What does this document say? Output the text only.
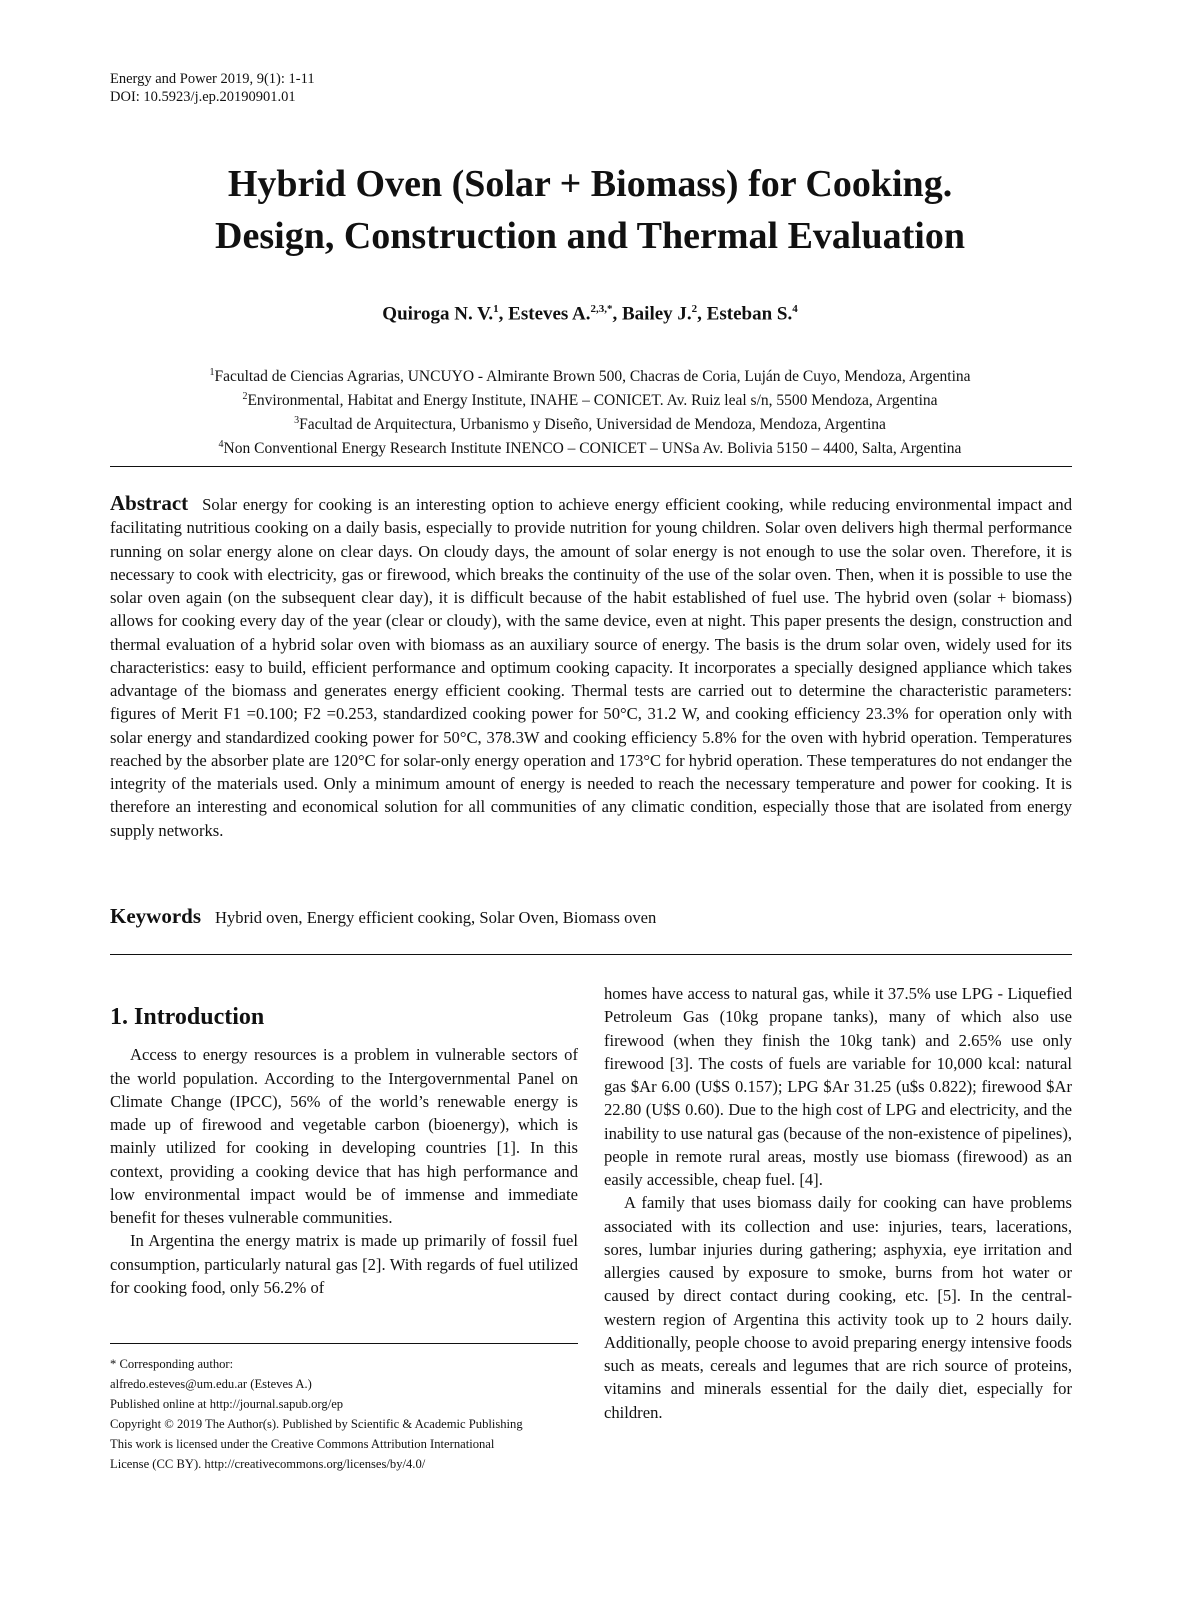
Energy and Power 2019, 9(1): 1-11
DOI: 10.5923/j.ep.20190901.01
Hybrid Oven (Solar + Biomass) for Cooking.
Design, Construction and Thermal Evaluation
Quiroga N. V.$^1$, Esteves A.$^{2,3,*}$, Bailey J.$^2$, Esteban S.$^4$
$^1$Facultad de Ciencias Agrarias, UNCUYO - Almirante Brown 500, Chacras de Coria, Luján de Cuyo, Mendoza, Argentina
$^2$Environmental, Habitat and Energy Institute, INAHE – CONICET. Av. Ruiz leal s/n, 5500 Mendoza, Argentina
$^3$Facultad de Arquitectura, Urbanismo y Diseño, Universidad de Mendoza, Mendoza, Argentina
$^4$Non Conventional Energy Research Institute INENCO – CONICET – UNSa Av. Bolivia 5150 – 4400, Salta, Argentina
Abstract Solar energy for cooking is an interesting option to achieve energy efficient cooking, while reducing environmental impact and facilitating nutritious cooking on a daily basis, especially to provide nutrition for young children. Solar oven delivers high thermal performance running on solar energy alone on clear days. On cloudy days, the amount of solar energy is not enough to use the solar oven. Therefore, it is necessary to cook with electricity, gas or firewood, which breaks the continuity of the use of the solar oven. Then, when it is possible to use the solar oven again (on the subsequent clear day), it is difficult because of the habit established of fuel use. The hybrid oven (solar + biomass) allows for cooking every day of the year (clear or cloudy), with the same device, even at night. This paper presents the design, construction and thermal evaluation of a hybrid solar oven with biomass as an auxiliary source of energy. The basis is the drum solar oven, widely used for its characteristics: easy to build, efficient performance and optimum cooking capacity. It incorporates a specially designed appliance which takes advantage of the biomass and generates energy efficient cooking. Thermal tests are carried out to determine the characteristic parameters: figures of Merit F1 =0.100; F2 =0.253, standardized cooking power for 50°C, 31.2 W, and cooking efficiency 23.3% for operation only with solar energy and standardized cooking power for 50°C, 378.3W and cooking efficiency 5.8% for the oven with hybrid operation. Temperatures reached by the absorber plate are 120°C for solar-only energy operation and 173°C for hybrid operation. These temperatures do not endanger the integrity of the materials used. Only a minimum amount of energy is needed to reach the necessary temperature and power for cooking. It is therefore an interesting and economical solution for all communities of any climatic condition, especially those that are isolated from energy supply networks.
Keywords Hybrid oven, Energy efficient cooking, Solar Oven, Biomass oven
1. Introduction

Access to energy resources is a problem in vulnerable sectors of the world population. According to the Intergovernmental Panel on Climate Change (IPCC), 56% of the world’s renewable energy is made up of firewood and vegetable carbon (bioenergy), which is mainly utilized for cooking in developing countries [1]. In this context, providing a cooking device that has high performance and low environmental impact would be of immense and immediate benefit for theses vulnerable communities.

In Argentina the energy matrix is made up primarily of fossil fuel consumption, particularly natural gas [2]. With regards of fuel utilized for cooking food, only 56.2% of

homes have access to natural gas, while it 37.5% use LPG - Liquefied Petroleum Gas (10kg propane tanks), many of which also use firewood (when they finish the 10kg tank) and 2.65% use only firewood [3]. The costs of fuels are variable for 10,000 kcal: natural gas $Ar 6.00 (U$S 0.157); LPG $Ar 31.25 (u$s 0.822); firewood $Ar 22.80 (U$S 0.60). Due to the high cost of LPG and electricity, and the inability to use natural gas (because of the non-existence of pipelines), people in remote rural areas, mostly use biomass (firewood) as an easily accessible, cheap fuel. [4].

A family that uses biomass daily for cooking can have problems associated with its collection and use: injuries, tears, lacerations, sores, lumbar injuries during gathering; asphyxia, eye irritation and allergies caused by exposure to smoke, burns from hot water or caused by direct contact during cooking, etc. [5]. In the central-western region of Argentina this activity took up to 2 hours daily. Additionally, people choose to avoid preparing energy intensive foods such as meats, cereals and legumes that are rich source of proteins, vitamins and minerals essential for the daily diet, especially for children.

* Corresponding author:
alfredo.esteves@um.edu.ar (Esteves A.)
Published online at http://journal.sapub.org/ep
Copyright © 2019 The Author(s). Published by Scientific & Academic Publishing
This work is licensed under the Creative Commons Attribution International
License (CC BY). http://creativecommons.org/licenses/by/4.0/
